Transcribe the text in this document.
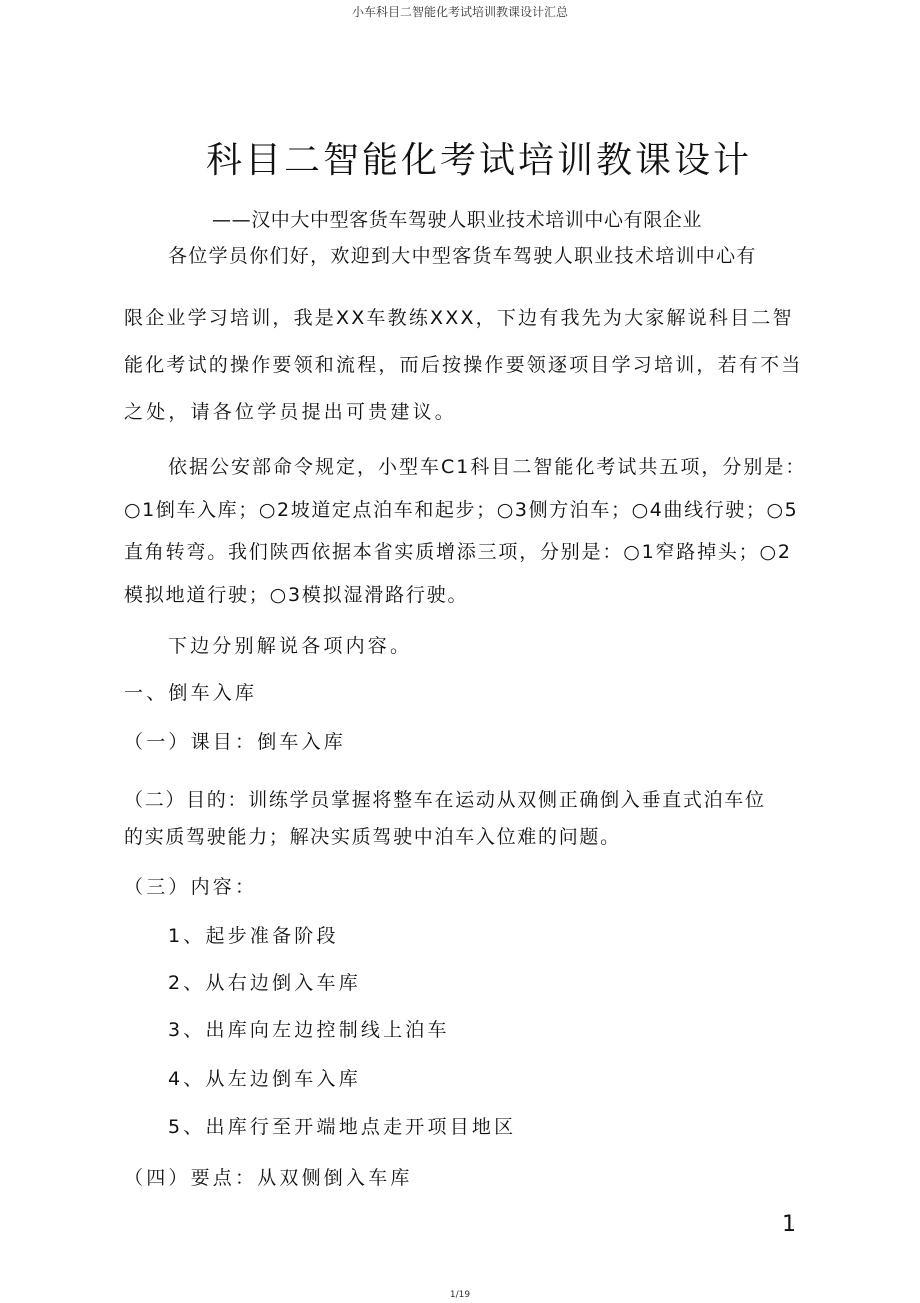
小车科目二智能化考试培训教课设计汇总
科目二智能化考试培训教课设计
——汉中大中型客货车驾驶人职业技术培训中心有限企业
各位学员你们好，欢迎到大中型客货车驾驶人职业技术培训中心有
限企业学习培训，我是XX车教练XXX，下边有我先为大家解说科目二智
能化考试的操作要领和流程，而后按操作要领逐项目学习培训，若有不当
之处，请各位学员提出可贵建议。
依据公安部命令规定，小型车C1科目二智能化考试共五项，分别是：
○1倒车入库；○2坡道定点泊车和起步；○3侧方泊车；○4曲线行驶；○5
直角转弯。我们陕西依据本省实质增添三项，分别是：○1窄路掉头；○2
模拟地道行驶；○3模拟湿滑路行驶。
下边分别解说各项内容。
一、倒车入库
（一）课目：倒车入库
（二）目的：训练学员掌握将整车在运动从双侧正确倒入垂直式泊车位
的实质驾驶能力；解决实质驾驶中泊车入位难的问题。
（三）内容：
1、起步准备阶段
2、从右边倒入车库
3、出库向左边控制线上泊车
4、从左边倒车入库
5、出库行至开端地点走开项目地区
（四）要点：从双侧倒入车库
1
1/19
